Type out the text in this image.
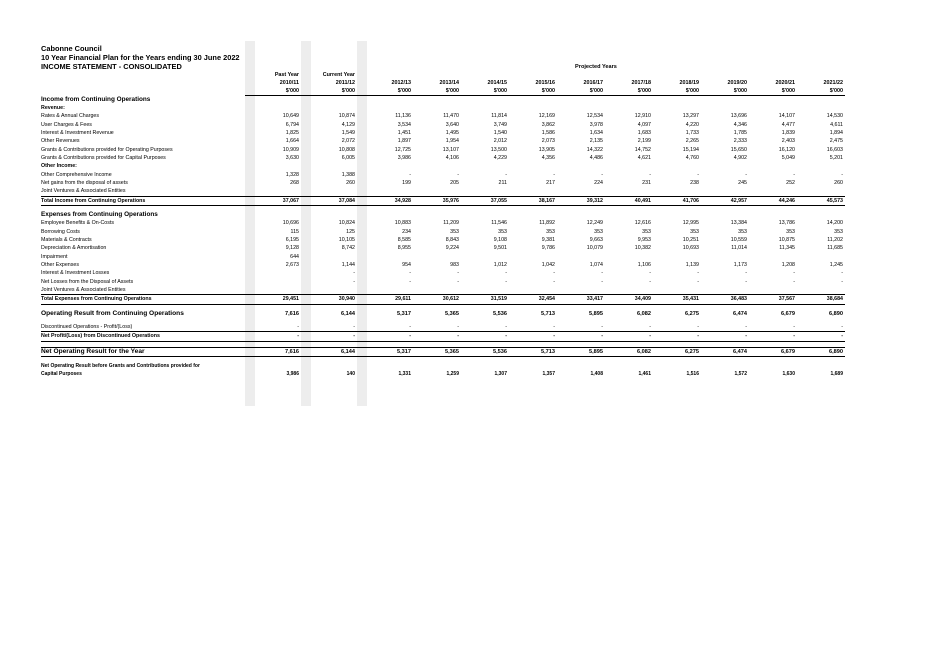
Cabonne Council
10 Year Financial Plan for the Years ending 30 June 2022
INCOME STATEMENT - CONSOLIDATED	Projected Years
	Past Year	Current Year										
	2010/11	2011/12	2012/13	2013/14	2014/15	2015/16	2016/17	2017/18	2018/19	2019/20	2020/21	2021/22
	$'000	$'000	$'000	$'000	$'000	$'000	$'000	$'000	$'000	$'000	$'000	$'000
Income from Continuing Operations												
Revenue:												
Rates & Annual Charges	10,649	10,874	11,136	11,470	11,814	12,169	12,534	12,910	13,297	13,696	14,107	14,530
User Charges & Fees	6,794	4,129	3,534	3,640	3,749	3,862	3,978	4,097	4,220	4,346	4,477	4,611
Interest & Investment Revenue	1,825	1,549	1,451	1,495	1,540	1,586	1,634	1,683	1,733	1,785	1,839	1,894
Other Revenues	1,664	2,072	1,897	1,954	2,012	2,073	2,135	2,199	2,265	2,333	2,403	2,475
Grants & Contributions provided for Operating Purposes	10,909	10,808	12,725	13,107	13,500	13,905	14,322	14,752	15,194	15,650	16,120	16,603
Grants & Contributions provided for Capital Purposes	3,630	6,005	3,986	4,106	4,229	4,356	4,486	4,621	4,760	4,902	5,049	5,201
Other Income:												
Other Comprehensive Income	1,328	1,388	-	-	-	-	-	-	-	-	-	-
Net gains from the disposal of assets	268	260	199	205	211	217	224	231	238	245	252	260
Joint Ventures & Associated Entities												
Total Income from Continuing Operations	37,067	37,084	34,928	35,976	37,055	38,167	39,312	40,491	41,706	42,957	44,246	45,573

Expenses from Continuing Operations												
Employee Benefits & On-Costs	10,696	10,824	10,883	11,209	11,546	11,892	12,249	12,616	12,995	13,384	13,786	14,200
Borrowing Costs	115	125	234	353	353	353	353	353	353	353	353	353
Materials & Contracts	6,195	10,105	8,585	8,843	9,108	9,381	9,663	9,953	10,251	10,559	10,875	11,202
Depreciation & Amortisation	9,128	8,742	8,955	9,224	9,501	9,786	10,079	10,382	10,693	11,014	11,345	11,685
Impairment	644											
Other Expenses	2,673	1,144	954	983	1,012	1,042	1,074	1,106	1,139	1,173	1,208	1,245
Interest & Investment Losses		-	-	-	-	-	-	-	-	-	-	-
Net Losses from the Disposal of Assets		-	-	-	-	-	-	-	-	-	-	-
Joint Ventures & Associated Entities												
Total Expenses from Continuing Operations	29,451	30,940	29,611	30,612	31,519	32,454	33,417	34,409	35,431	36,483	37,567	38,684

Operating Result from Continuing Operations	7,616	6,144	5,317	5,365	5,536	5,713	5,895	6,082	6,275	6,474	6,679	6,890

Discontinued Operations - Profit/(Loss)	-	-	-	-	-	-	-	-	-	-	-	-
Net Profit/(Loss) from Discontinued Operations	-	-	-	-	-	-	-	-	-	-	-	-

Net Operating Result for the Year	7,616	6,144	5,317	5,365	5,536	5,713	5,895	6,082	6,275	6,474	6,679	6,890

Net Operating Result before Grants and Contributions provided for												
Capital Purposes	3,986	140	1,331	1,259	1,307	1,357	1,408	1,461	1,516	1,572	1,630	1,689
